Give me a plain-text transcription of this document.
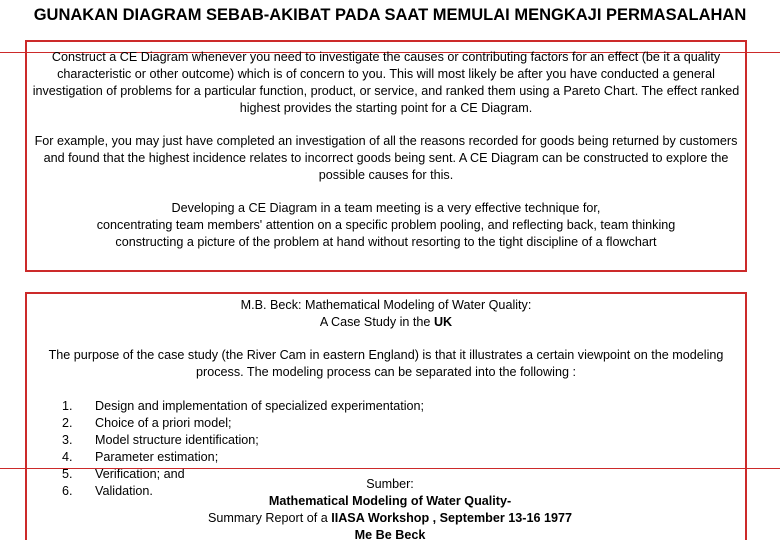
GUNAKAN DIAGRAM SEBAB-AKIBAT PADA SAAT MEMULAI MENGKAJI PERMASALAHAN

Construct a CE Diagram whenever you need to investigate the causes or contributing factors for an effect (be it a quality characteristic or other outcome) which is of concern to you. This will most likely be after you have conducted a general investigation of problems for a particular function, product, or service, and ranked them using a Pareto Chart. The effect ranked highest provides the starting point for a CE Diagram.

For example, you may just have completed an investigation of all the reasons recorded for goods being returned by customers and found that the highest incidence relates to incorrect goods being sent. A CE Diagram can be constructed to explore the possible causes for this.

Developing a CE Diagram in a team meeting is a very effective technique for,
concentrating team members' attention on a specific problem pooling, and reflecting back, team thinking
constructing a picture of the problem at hand without resorting to the tight discipline of a flowchart
M.B. Beck: Mathematical Modeling of Water Quality:
A Case Study in the UK

The purpose of the case study (the River Cam in eastern England) is that it illustrates a certain viewpoint on the modeling process. The modeling process can be separated into the following :

1.	Design and implementation of specialized experimentation;
2.	Choice of a priori model;
3.	Model structure identification;
4.	Parameter estimation;
5.	Verification; and
6.	Validation.	Sumber:
Mathematical Modeling of Water Quality-
Summary Report of a IIASA Workshop , September 13-16 1977
Me Be Beck
